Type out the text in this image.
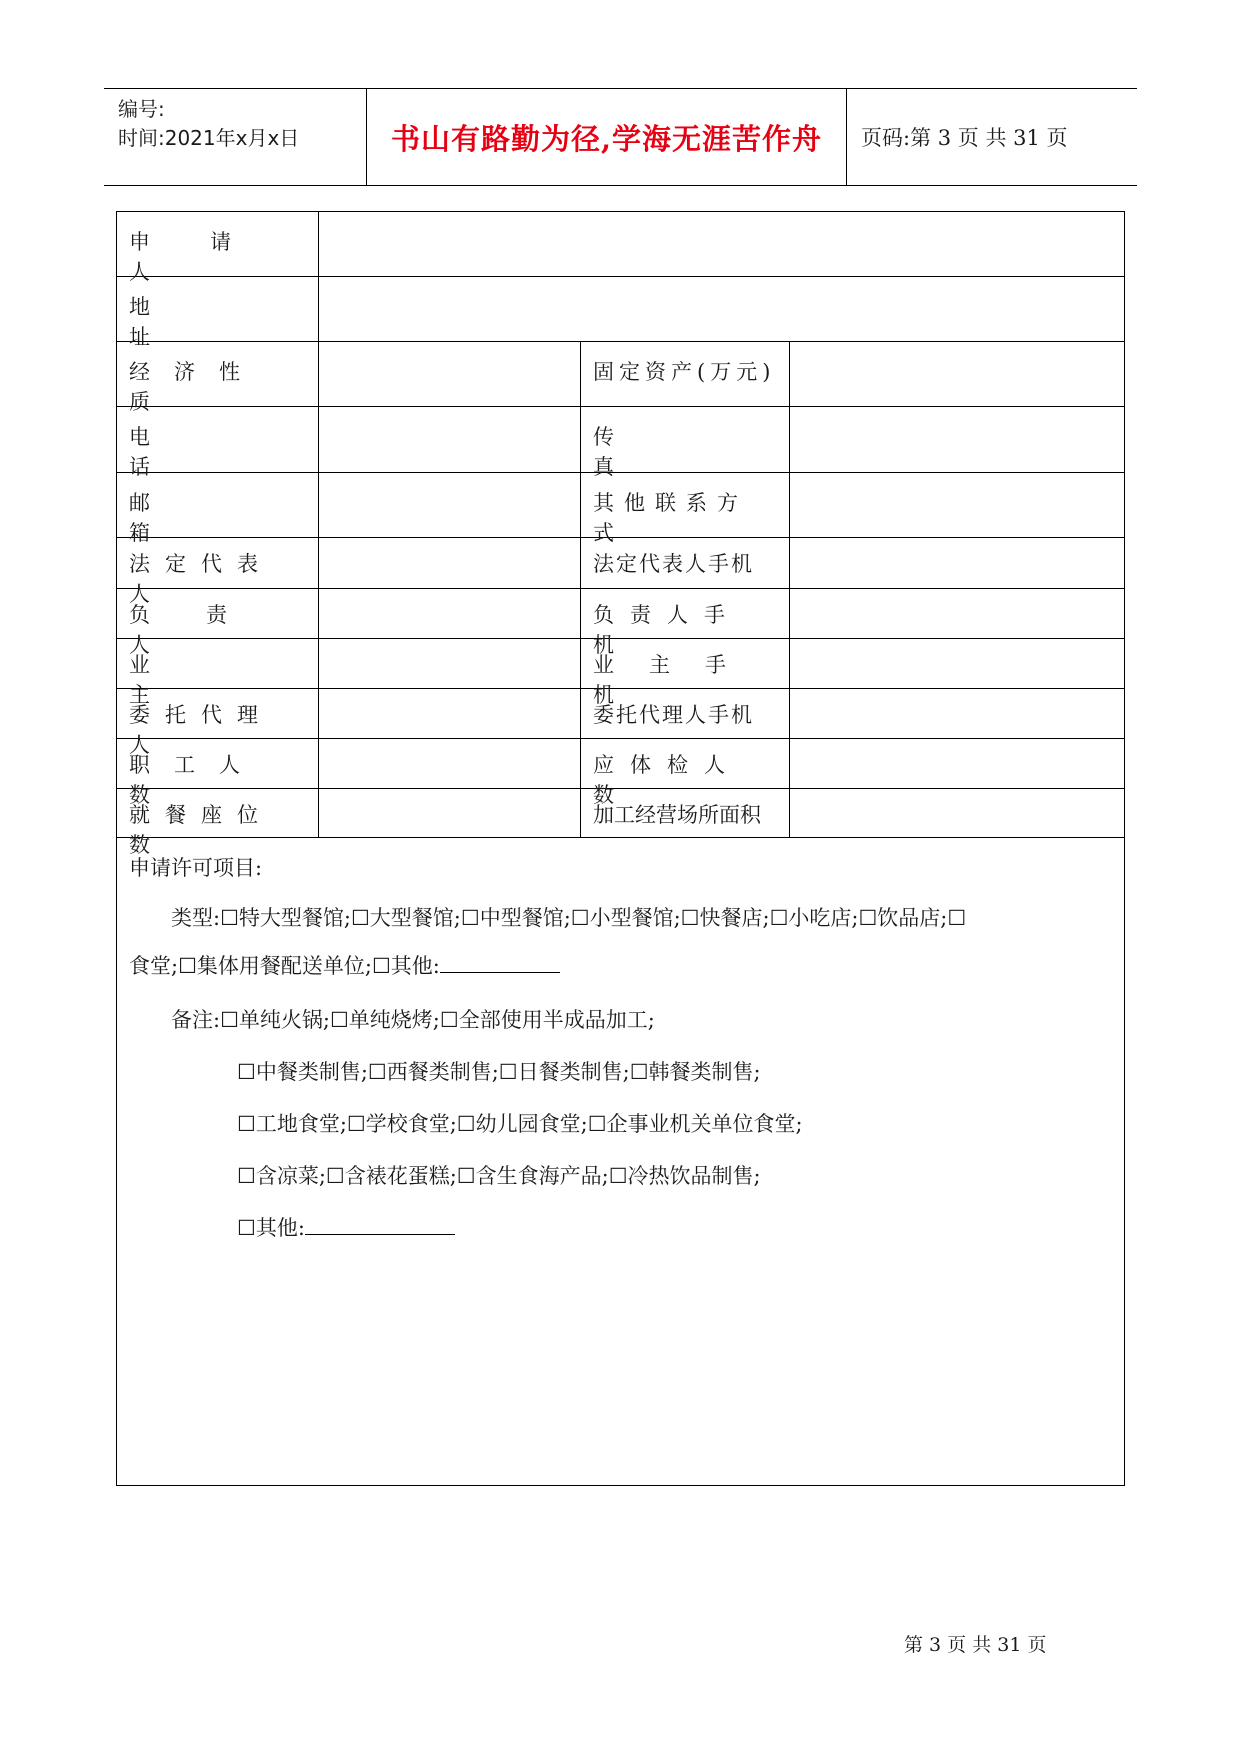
编号:
时间:2021年x月x日	书山有路勤为径,学海无涯苦作舟 页码:第 3 页 共 31 页
申请人
地址
经济性质
固定资产(万元)
电话
传真
邮箱
其他联系方式
法定代表人
法定代表人手机
负责人
负责人手机
业主
业主手机
委托代理人
委托代理人手机
职工人数
应体检人数
就餐座位数
加工经营场所面积
申请许可项目:
类型:☐特大型餐馆;☐大型餐馆;☐中型餐馆;☐小型餐馆;☐快餐店;☐小吃店;☐饮品店;☐
食堂;☐集体用餐配送单位;☐其他:
备注:☐单纯火锅;☐单纯烧烤;☐全部使用半成品加工;
☐中餐类制售;☐西餐类制售;☐日餐类制售;☐韩餐类制售;
☐工地食堂;☐学校食堂;☐幼儿园食堂;☐企事业机关单位食堂;
☐含凉菜;☐含裱花蛋糕;☐含生食海产品;☐冷热饮品制售;
☐其他:
第 3 页 共 31 页
